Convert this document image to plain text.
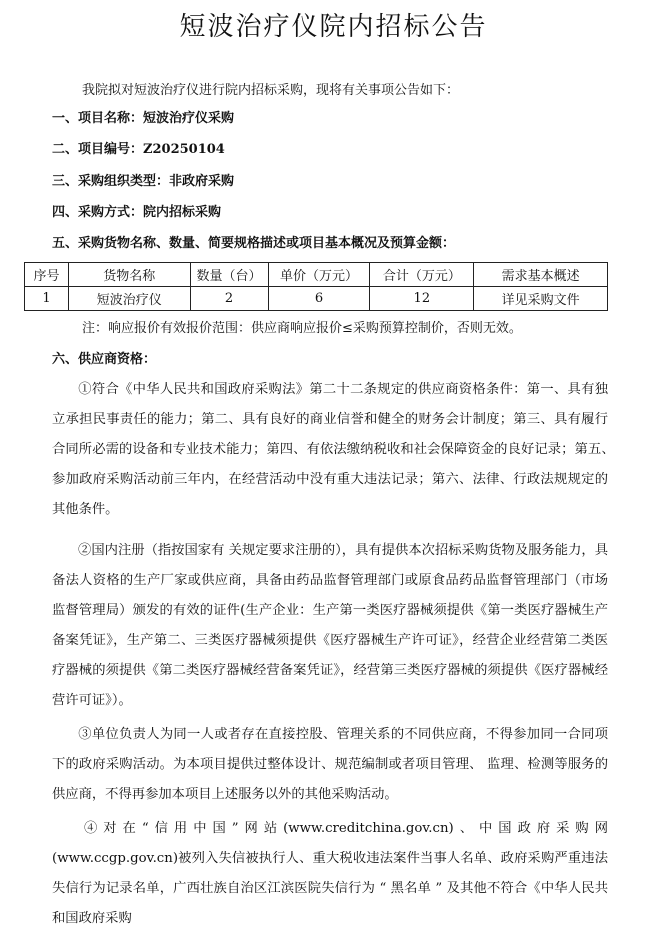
短波治疗仪院内招标公告
我院拟对短波治疗仪进行院内招标采购，现将有关事项公告如下：
一、项目名称：短波治疗仪采购
二、项目编号：Z20250104
三、采购组织类型：非政府采购
四、采购方式：院内招标采购
五、采购货物名称、数量、简要规格描述或项目基本概况及预算金额：
序号	货物名称	数量（台）	单价（万元）	合计（万元）	需求基本概述
1	短波治疗仪	2	6	12	详见采购文件
注：响应报价有效报价范围：供应商响应报价≤采购预算控制价，否则无效。
六、供应商资格：
①符合《中华人民共和国政府采购法》第二十二条规定的供应商资格条件：第一、具有独立承担民事责任的能力；第二、具有良好的商业信誉和健全的财务会计制度；第三、具有履行合同所必需的设备和专业技术能力；第四、有依法缴纳税收和社会保障资金的良好记录；第五、　参加政府采购活动前三年内，在经营活动中没有重大违法记录；第六、法律、行政法规规定的其他条件。
②国内注册（指按国家有 关规定要求注册的），具有提供本次招标采购货物及服务能力，具备法人资格的生产厂家或供应商，具备由药品监督管理部门或原食品药品监督管理部门（市场监督管理局）颁发的有效的证件(生产企业：生产第一类医疗器械须提供《第一类医疗器械生产备案凭证》，生产第二、三类医疗器械须提供《医疗器械生产许可证》，经营企业经营第二类医疗器械的须提供《第二类医疗器械经营备案凭证》，经营第三类医疗器械的须提供《医疗器械经营许可证》）。
③单位负责人为同一人或者存在直接控股、管理关系的不同供应商，不得参加同一合同项下的政府采购活动。为本项目提供过整体设计、规范编制或者项目管理、 监理、检测等服务的供应商，不得再参加本项目上述服务以外的其他采购活动。
④对在“信用中国”网站(www.creditchina.gov.cn)、中国政府采购网(www.ccgp.gov.cn)被列入失信被执行人、重大税收违法案件当事人名单、政府采购严重违法失信行为记录名单，广西壮族自治区江滨医院失信行为 “ 黑名单 ” 及其他不符合《中华人民共和国政府采购
